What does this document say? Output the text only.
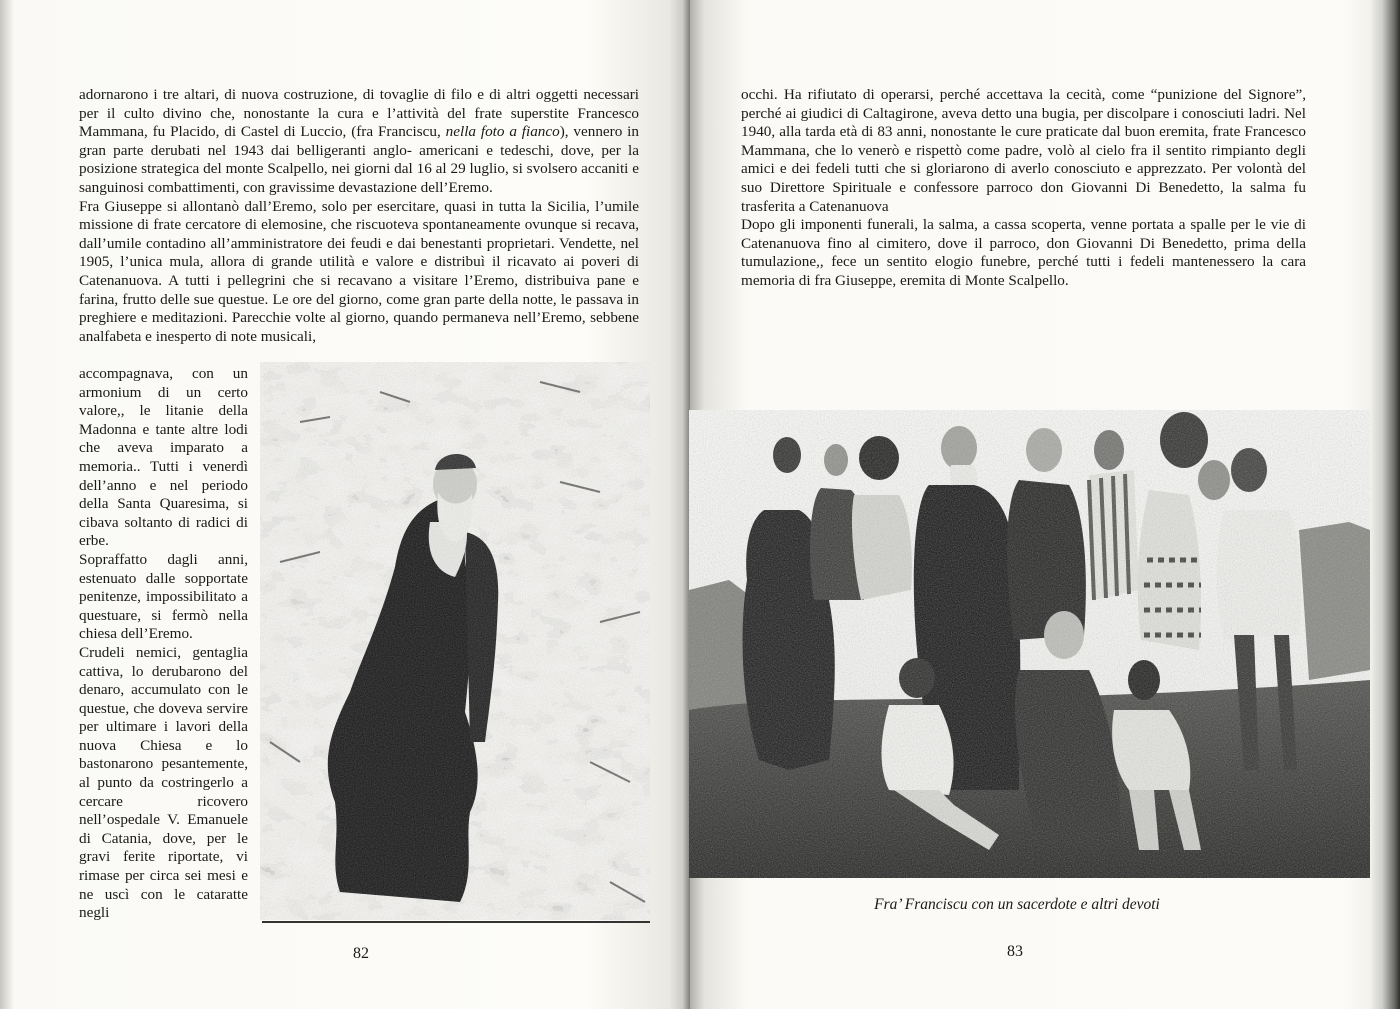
adornarono i tre altari, di nuova costruzione, di tovaglie di filo e di altri oggetti necessari per il culto divino che, nonostante la cura e l’attività del frate superstite Francesco Mammana, fu Placido, di Castel di Luccio, (fra Franciscu, nella foto a fianco), vennero in gran parte derubati nel 1943 dai belligeranti anglo- americani e tedeschi, dove, per la posizione strategica del monte Scalpello, nei giorni dal 16 al 29 luglio, si svolsero accaniti e sanguinosi combattimenti, con gravissime devastazione dell’Eremo.

Fra Giuseppe si allontanò dall’Eremo, solo per esercitare, quasi in tutta la Sicilia, l’umile missione di frate cercatore di elemosine, che riscuoteva spontaneamente ovunque si recava, dall’umile contadino all’amministratore dei feudi e dai benestanti proprietari. Vendette, nel 1905, l’unica mula, allora di grande utilità e valore e distribuì il ricavato ai poveri di Catenanuova. A tutti i pellegrini che si recavano a visitare l’Eremo, distribuiva pane e farina, frutto delle sue questue. Le ore del giorno, come gran parte della notte, le passava in preghiere e meditazioni. Parecchie volte al giorno, quando permaneva nell’Eremo, sebbene analfabeta e inesperto di note musicali,

accompagnava, con un armonium di un certo valore,, le litanie della Madonna e tante altre lodi che aveva imparato a memoria.. Tutti i venerdì dell’anno e nel periodo della Santa Quaresima, si cibava soltanto di radici di erbe.

Sopraffatto dagli anni, estenuato dalle sopportate penitenze, impossibilitato a questuare, si fermò nella chiesa dell’Eremo.

Crudeli nemici, gentaglia cattiva, lo derubarono del denaro, accumulato con le questue, che doveva servire per ultimare i lavori della nuova Chiesa e lo bastonarono pesantemente, al punto da costringerlo a cercare ricovero nell’ospedale V. Emanuele di Catania, dove, per le gravi ferite riportate, vi rimase per circa sei mesi e ne uscì con le cataratte negli

82

occhi. Ha rifiutato di operarsi, perché accettava la cecità, come “punizione del Signore”, perché ai giudici di Caltagirone, aveva detto una bugia, per discolpare i conosciuti ladri. Nel 1940, alla tarda età di 83 anni, nonostante le cure praticate dal buon eremita, frate Francesco Mammana, che lo venerò e rispettò come padre, volò al cielo fra il sentito rimpianto degli amici e dei fedeli tutti che si gloriarono di averlo conosciuto e apprezzato. Per volontà del suo Direttore Spirituale e confessore parroco don Giovanni Di Benedetto, la salma fu trasferita a Catenanuova

Dopo gli imponenti funerali, la salma, a cassa scoperta, venne portata a spalle per le vie di Catenanuova fino al cimitero, dove il parroco, don Giovanni Di Benedetto, prima della tumulazione,, fece un sentito elogio funebre, perché tutti i fedeli mantenessero la cara memoria di fra Giuseppe, eremita di Monte Scalpello.

Fra’ Franciscu con un sacerdote e altri devoti
83
